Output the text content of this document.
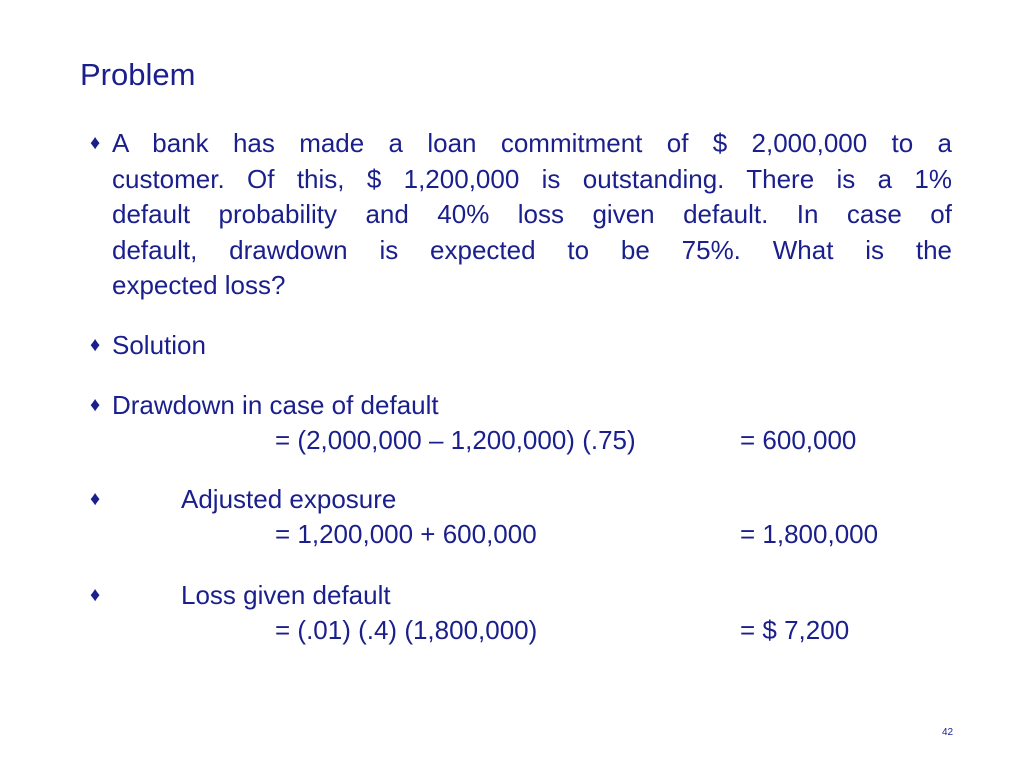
Problem
♦ A bank has made a loan commitment of $ 2,000,000 to a
customer. Of this, $ 1,200,000 is outstanding. There is a 1%
default probability and 40% loss given default. In case of
default, drawdown is expected to be 75%. What is the
expected loss?
♦ Solution
♦ Drawdown in case of default
= (2,000,000 – 1,200,000) (.75)	= 600,000
♦	Adjusted exposure
= 1,200,000 + 600,000	= 1,800,000
♦	Loss given default
= (.01) (.4) (1,800,000)	= $ 7,200
42
